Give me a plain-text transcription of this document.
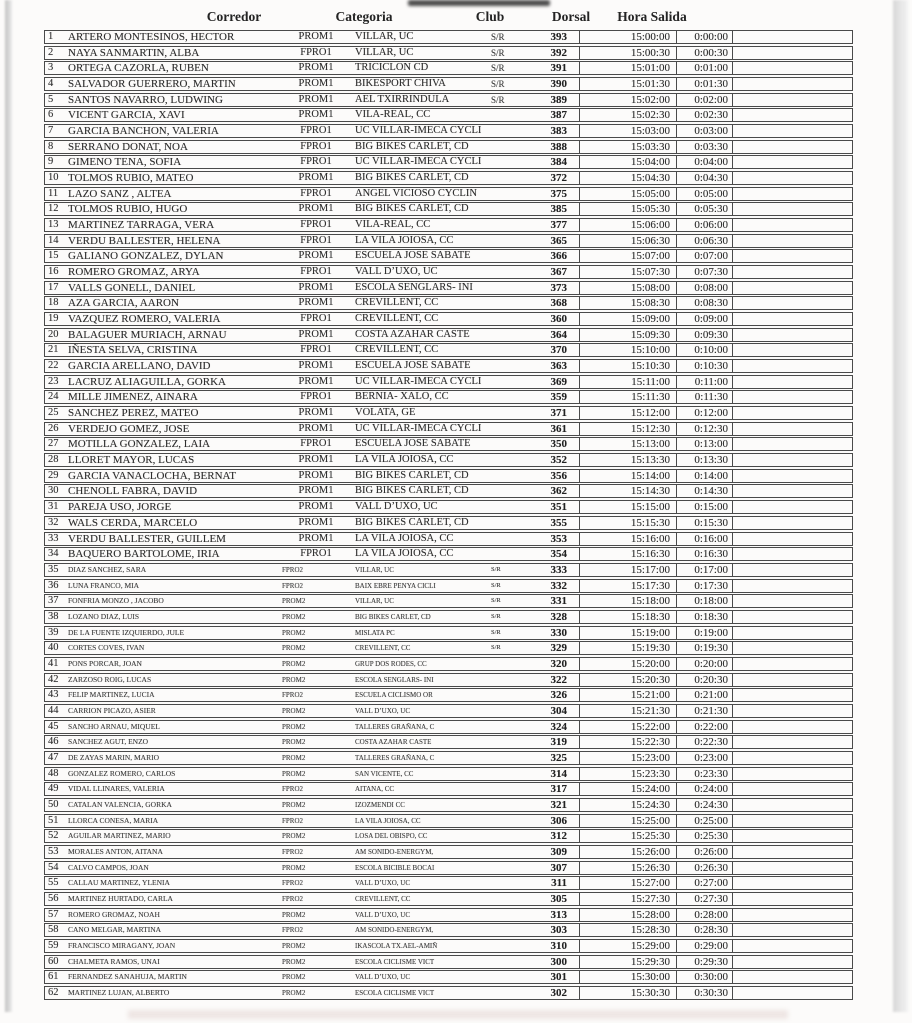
Corredor	Categoria	Club	Dorsal Hora Salida
1	ARTERO MONTESINOS, HECTOR	PROM1	VILLAR, UC	S/R	393	15:00:00	0:00:00
2	NAYA SANMARTIN, ALBA	FPRO1	VILLAR, UC	S/R	392	15:00:30	0:00:30
3	ORTEGA CAZORLA, RUBEN	PROM1	TRICICLON CD	S/R	391	15:01:00	0:01:00
4	SALVADOR GUERRERO, MARTIN	PROM1	BIKESPORT CHIVA	S/R	390	15:01:30	0:01:30
5	SANTOS NAVARRO, LUDWING	PROM1	AEL TXIRRINDULA	S/R	389	15:02:00	0:02:00
6	VICENT GARCIA, XAVI	PROM1	VILA-REAL, CC	387	15:02:30	0:02:30
7	GARCIA BANCHON, VALERIA	FPRO1	UC VILLAR-IMECA CYCLI	383	15:03:00	0:03:00
8	SERRANO DONAT, NOA	FPRO1	BIG BIKES CARLET, CD	388	15:03:30	0:03:30
9	GIMENO TENA, SOFIA	FPRO1	UC VILLAR-IMECA CYCLI	384	15:04:00	0:04:00
10 TOLMOS RUBIO, MATEO	PROM1	BIG BIKES CARLET, CD	372	15:04:30	0:04:30
11 LAZO SANZ , ALTEA	FPRO1	ANGEL VICIOSO CYCLIN	375	15:05:00	0:05:00
12 TOLMOS RUBIO, HUGO	PROM1	BIG BIKES CARLET, CD	385	15:05:30	0:05:30
13 MARTINEZ TARRAGA, VERA	FPRO1	VILA-REAL, CC	377	15:06:00	0:06:00
14 VERDU BALLESTER, HELENA	FPRO1	LA VILA JOIOSA, CC	365	15:06:30	0:06:30
15 GALIANO GONZALEZ, DYLAN	PROM1	ESCUELA JOSE SABATE	366	15:07:00	0:07:00
16 ROMERO GROMAZ, ARYA	FPRO1	VALL D’UXO, UC	367	15:07:30	0:07:30
17 VALLS GONELL, DANIEL	PROM1	ESCOLA SENGLARS- INI	373	15:08:00	0:08:00
18 AZA GARCIA, AARON	PROM1	CREVILLENT, CC	368	15:08:30	0:08:30
19 VAZQUEZ ROMERO, VALERIA	FPRO1	CREVILLENT, CC	360	15:09:00	0:09:00
20 BALAGUER MURIACH, ARNAU	PROM1	COSTA AZAHAR CASTE	364	15:09:30	0:09:30
21 IÑESTA SELVA, CRISTINA	FPRO1	CREVILLENT, CC	370	15:10:00	0:10:00
22 GARCIA ARELLANO, DAVID	PROM1	ESCUELA JOSE SABATE	363	15:10:30	0:10:30
23 LACRUZ ALIAGUILLA, GORKA	PROM1	UC VILLAR-IMECA CYCLI	369	15:11:00	0:11:00
24 MILLE JIMENEZ, AINARA	FPRO1	BERNIA- XALO, CC	359	15:11:30	0:11:30
25 SANCHEZ PEREZ, MATEO	PROM1	VOLATA, GE	371	15:12:00	0:12:00
26 VERDEJO GOMEZ, JOSE	PROM1	UC VILLAR-IMECA CYCLI	361	15:12:30	0:12:30
27 MOTILLA GONZALEZ, LAIA	FPRO1	ESCUELA JOSE SABATE	350	15:13:00	0:13:00
28 LLORET MAYOR, LUCAS	PROM1	LA VILA JOIOSA, CC	352	15:13:30	0:13:30
29 GARCIA VANACLOCHA, BERNAT	PROM1	BIG BIKES CARLET, CD	356	15:14:00	0:14:00
30 CHENOLL FABRA, DAVID	PROM1	BIG BIKES CARLET, CD	362	15:14:30	0:14:30
31 PAREJA USO, JORGE	PROM1	VALL D’UXO, UC	351	15:15:00	0:15:00
32 WALS CERDA, MARCELO	PROM1	BIG BIKES CARLET, CD	355	15:15:30	0:15:30
33 VERDU BALLESTER, GUILLEM	PROM1	LA VILA JOIOSA, CC	353	15:16:00	0:16:00
34 BAQUERO BARTOLOME, IRIA	FPRO1	LA VILA JOIOSA, CC	354	15:16:30	0:16:30
35	DIAZ SANCHEZ, SARA	FPRO2	VILLAR, UC	S/R	333	15:17:00	0:17:00
36	LUNA FRANCO, MIA	FPRO2	BAIX EBRE PENYA CICLI	S/R	332	15:17:30	0:17:30
37	FONFRIA MONZO , JACOBO	PROM2	VILLAR, UC	S/R	331	15:18:00	0:18:00
38	LOZANO DIAZ, LUIS	PROM2	BIG BIKES CARLET, CD	S/R	328	15:18:30	0:18:30
39	DE LA FUENTE IZQUIERDO, JULE	PROM2	MISLATA PC	S/R	330	15:19:00	0:19:00
40	CORTES COVES, IVAN	PROM2	CREVILLENT, CC	S/R	329	15:19:30	0:19:30
41	PONS PORCAR, JOAN	PROM2	GRUP DOS RODES, CC	320	15:20:00	0:20:00
42	ZARZOSO ROIG, LUCAS	PROM2	ESCOLA SENGLARS- INI	322	15:20:30	0:20:30
43	FELIP MARTINEZ, LUCIA	FPRO2	ESCUELA CICLISMO OR	326	15:21:00	0:21:00
44	CARRION PICAZO, ASIER	PROM2	VALL D’UXO, UC	304	15:21:30	0:21:30
45	SANCHO ARNAU, MIQUEL	PROM2	TALLERES GRAÑANA, C	324	15:22:00	0:22:00
46	SANCHEZ AGUT, ENZO	PROM2	COSTA AZAHAR CASTE	319	15:22:30	0:22:30
47	DE ZAYAS MARIN, MARIO	PROM2	TALLERES GRAÑANA, C	325	15:23:00	0:23:00
48	GONZALEZ ROMERO, CARLOS	PROM2	SAN VICENTE, CC	314	15:23:30	0:23:30
49	VIDAL LLINARES, VALERIA	FPRO2	AITANA, CC	317	15:24:00	0:24:00
50	CATALAN VALENCIA, GORKA	PROM2	IZOZMENDI CC	321	15:24:30	0:24:30
51	LLORCA CONESA, MARIA	FPRO2	LA VILA JOIOSA, CC	306	15:25:00	0:25:00
52	AGUILAR MARTINEZ, MARIO	PROM2	LOSA DEL OBISPO, CC	312	15:25:30	0:25:30
53	MORALES ANTON, AITANA	FPRO2	AM SONIDO-ENERGYM,	309	15:26:00	0:26:00
54	CALVO CAMPOS, JOAN	PROM2	ESCOLA BICIBLE BOCAI	307	15:26:30	0:26:30
55	CALLAU MARTINEZ, YLENIA	FPRO2	VALL D’UXO, UC	311	15:27:00	0:27:00
56	MARTINEZ HURTADO, CARLA	FPRO2	CREVILLENT, CC	305	15:27:30	0:27:30
57	ROMERO GROMAZ, NOAH	PROM2	VALL D’UXO, UC	313	15:28:00	0:28:00
58	CANO MELGAR, MARTINA	FPRO2	AM SONIDO-ENERGYM,	303	15:28:30	0:28:30
59	FRANCISCO MIRAGANY, JOAN	PROM2	IKASCOLA TX.AEL-AMIÑ	310	15:29:00	0:29:00
60	CHALMETA RAMOS, UNAI	PROM2	ESCOLA CICLISME VICT	300	15:29:30	0:29:30
61	FERNANDEZ SANAHUJA, MARTIN	PROM2	VALL D’UXO, UC	301	15:30:00	0:30:00
62	MARTINEZ LUJAN, ALBERTO	PROM2	ESCOLA CICLISME VICT	302	15:30:30	0:30:30
